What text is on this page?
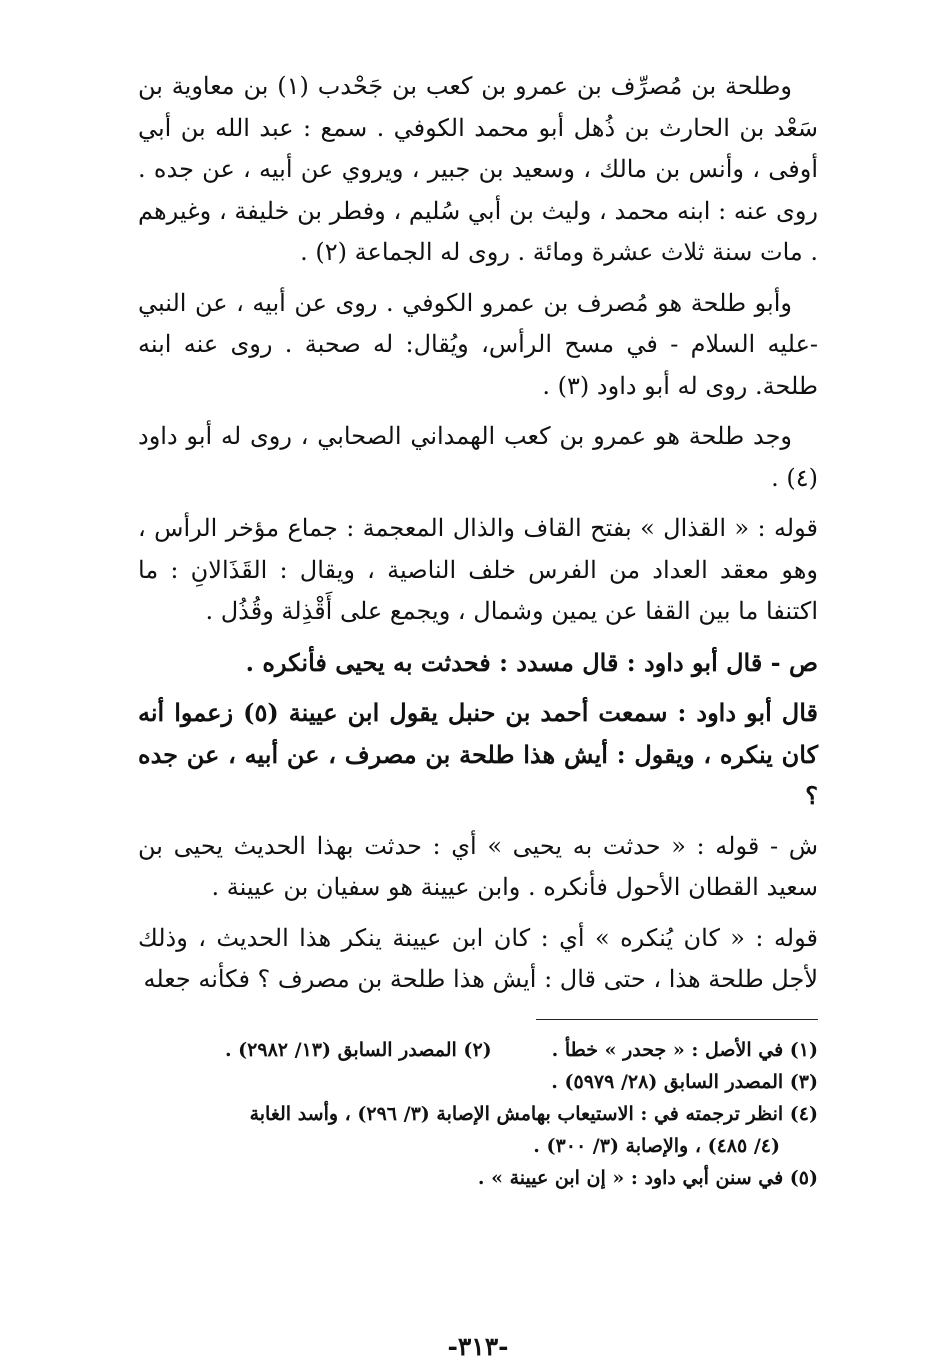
وطلحة بن مُصرِّف بن عمرو بن كعب بن جَحْدب (١) بن معاوية بن سَعْد بن الحارث بن ذُهل أبو محمد الكوفي . سمع : عبد الله بن أبي أوفى ، وأنس بن مالك ، وسعيد بن جبير ، ويروي عن أبيه ، عن جده . روى عنه : ابنه محمد ، وليث بن أبي سُليم ، وفطر بن خليفة ، وغيرهم . مات سنة ثلاث عشرة ومائة . روى له الجماعة (٢) .

وأبو طلحة هو مُصرف بن عمرو الكوفي . روى عن أبيه ، عن النبي -عليه السلام - في مسح الرأس، ويُقال: له صحبة . روى عنه ابنه طلحة. روى له أبو داود (٣) .

وجد طلحة هو عمرو بن كعب الهمداني الصحابي ، روى له أبو داود (٤) .

قوله : « القذال » بفتح القاف والذال المعجمة : جماع مؤخر الرأس ، وهو معقد العداد من الفرس خلف الناصية ، ويقال : القَذَالانِ : ما اكتنفا ما بين القفا عن يمين وشمال ، ويجمع على أَقْذِلة وقُذُل .

ص - قال أبو داود : قال مسدد : فحدثت به يحيى فأنكره .

قال أبو داود : سمعت أحمد بن حنبل يقول ابن عيينة (٥) زعموا أنه كان ينكره ، ويقول : أيش هذا طلحة بن مصرف ، عن أبيه ، عن جده ؟

ش - قوله : « حدثت به يحيى » أي : حدثت بهذا الحديث يحيى بن سعيد القطان الأحول فأنكره . وابن عيينة هو سفيان بن عيينة .

قوله : « كان يُنكره » أي : كان ابن عيينة ينكر هذا الحديث ، وذلك لأجل طلحة هذا ، حتى قال : أيش هذا طلحة بن مصرف ؟ فكأنه جعله

(١) في الأصل : « جحدر » خطأ .

(٢) المصدر السابق (١٣/ ٢٩٨٢) .

(٣) المصدر السابق (٢٨/ ٥٩٧٩) .

(٤) انظر ترجمته في : الاستيعاب بهامش الإصابة (٣/ ٢٩٦) ، وأسد الغابة

(٤/ ٤٨٥) ، والإصابة (٣/ ٣٠٠) .

(٥) في سنن أبي داود : « إن ابن عيينة » .

-٣١٣-
